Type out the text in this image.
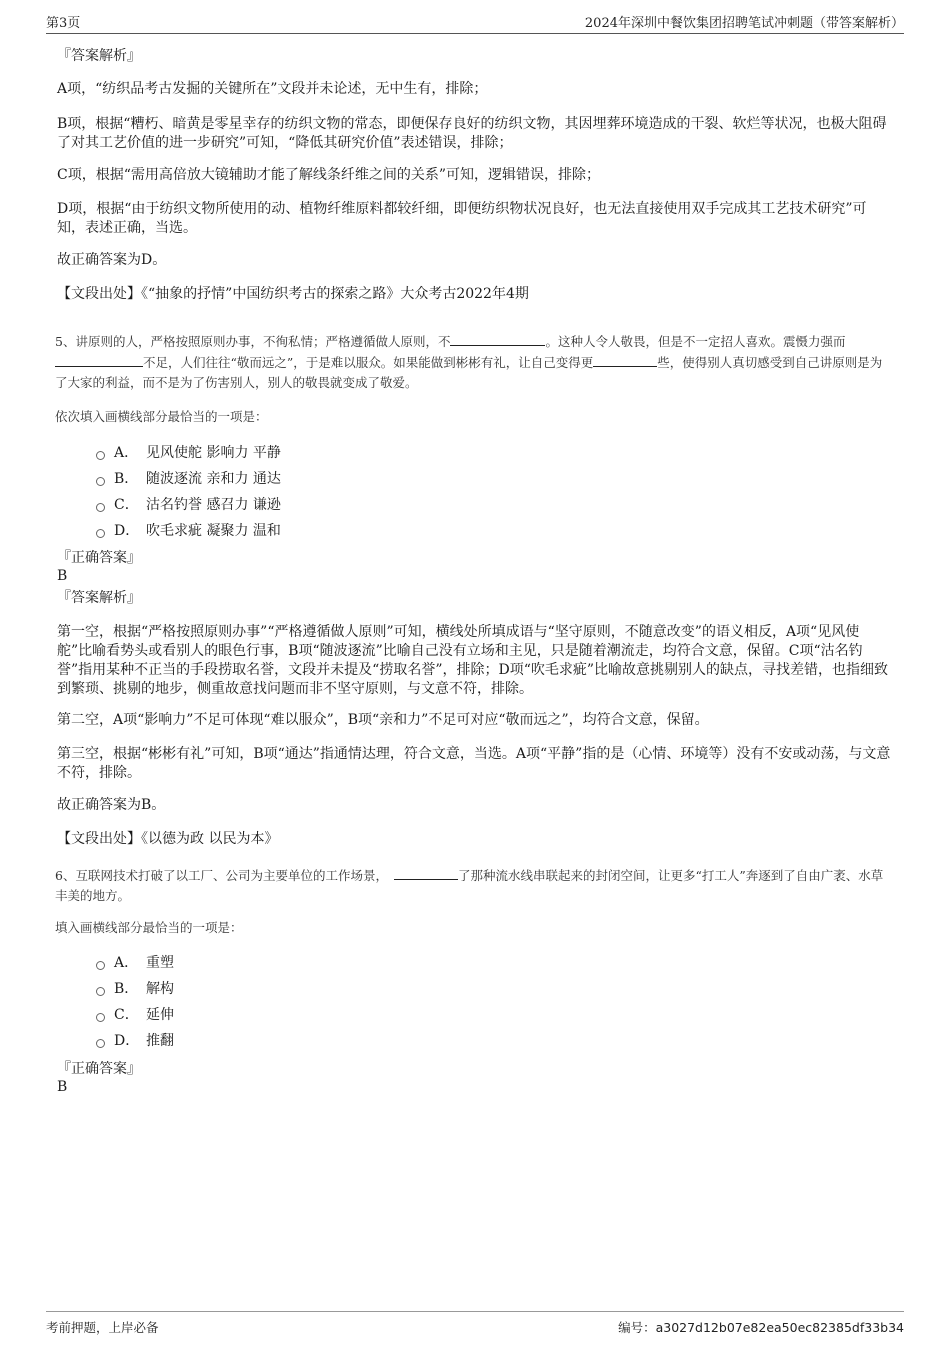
第3页	2024年深圳中餐饮集团招聘笔试冲刺题（带答案解析）
『答案解析』
A项，“纺织品考古发掘的关键所在”文段并未论述，无中生有，排除；
B项，根据“糟朽、暗黄是零星幸存的纺织文物的常态，即便保存良好的纺织文物，其因埋葬环境造成的干裂、软烂等状况，也极大阻碍了对其工艺价值的进一步研究”可知，“降低其研究价值”表述错误，排除；
C项，根据“需用高倍放大镜辅助才能了解线条纤维之间的关系”可知，逻辑错误，排除；
D项，根据“由于纺织文物所使用的动、植物纤维原料都较纤细，即便纺织物状况良好，也无法直接使用双手完成其工艺技术研究”可知，表述正确，当选。
故正确答案为D。
【文段出处】《“抽象的抒情”中国纺织考古的探索之路》大众考古2022年4期
5、讲原则的人，严格按照原则办事，不徇私情；严格遵循做人原则，不	。这种人令人敬畏，但是不一定招人喜欢。震慑力强而不足，人们往往“敬而远之”，于是难以服众。如果能做到彬彬有礼，让自己变得更	些，使得别人真切感受到自己讲原则是为了大家的利益，而不是为了伤害别人，别人的敬畏就变成了敬爱。
依次填入画横线部分最恰当的一项是：
A． 见风使舵 影响力 平静
B． 随波逐流 亲和力 通达
C． 沽名钓誉 感召力 谦逊
D． 吹毛求疵 凝聚力 温和
『正确答案』
B
『答案解析』
第一空，根据“严格按照原则办事”“严格遵循做人原则”可知，横线处所填成语与“坚守原则，不随意改变”的语义相反，A项“见风使舵”比喻看势头或看别人的眼色行事，B项“随波逐流”比喻自己没有立场和主见，只是随着潮流走，均符合文意，保留。C项“沽名钓誉”指用某种不正当的手段捞取名誉，文段并未提及“捞取名誉”，排除；D项“吹毛求疵”比喻故意挑剔别人的缺点，寻找差错，也指细致到繁琐、挑剔的地步，侧重故意找问题而非不坚守原则，与文意不符，排除。
第二空，A项“影响力”不足可体现“难以服众”，B项“亲和力”不足可对应“敬而远之”，均符合文意，保留。
第三空，根据“彬彬有礼”可知，B项“通达”指通情达理，符合文意，当选。A项“平静”指的是（心情、环境等）没有不安或动荡，与文意不符，排除。
故正确答案为B。
【文段出处】《以德为政 以民为本》
6、互联网技术打破了以工厂、公司为主要单位的工作场景，	了那种流水线串联起来的封闭空间，让更多“打工人”奔逐到了自由广袤、水草丰美的地方。
填入画横线部分最恰当的一项是：
A． 重塑
B． 解构
C． 延伸
D． 推翻
『正确答案』
B
考前押题，上岸必备	编号：a3027d12b07e82ea50ec82385df33b34
